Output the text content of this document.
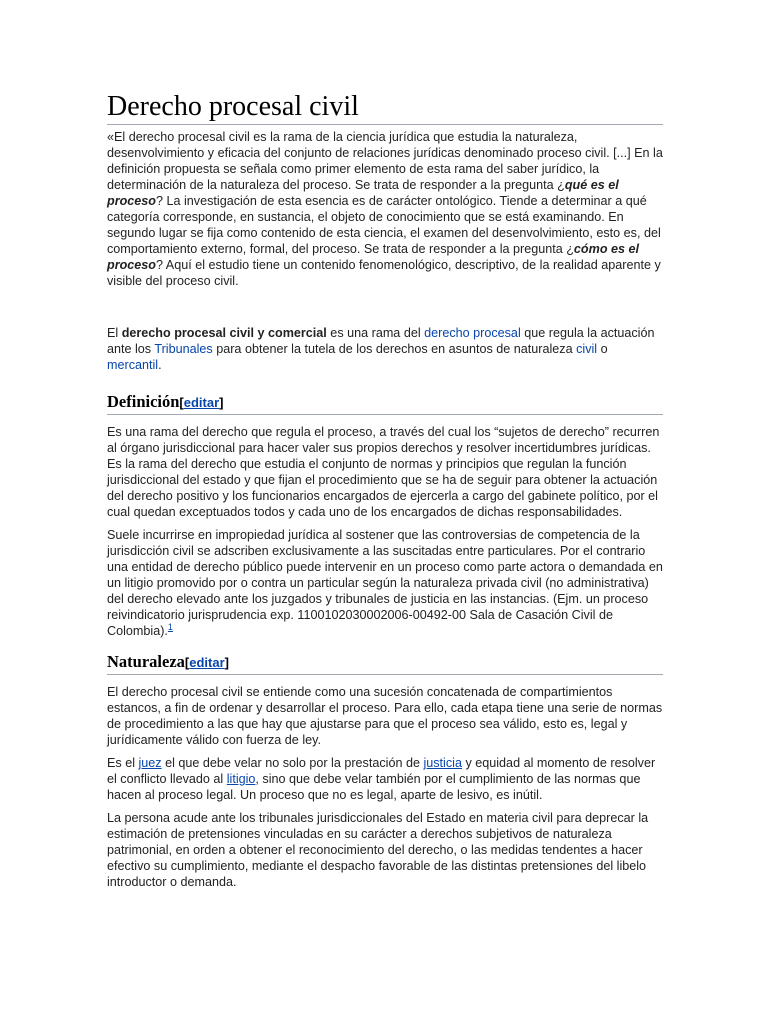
Derecho procesal civil

«El derecho procesal civil es la rama de la ciencia jurídica que estudia la naturaleza, desenvolvimiento y eficacia del conjunto de relaciones jurídicas denominado proceso civil. [...] En la definición propuesta se señala como primer elemento de esta rama del saber jurídico, la determinación de la naturaleza del proceso. Se trata de responder a la pregunta ¿qué es el proceso? La investigación de esta esencia es de carácter ontológico. Tiende a determinar a qué categoría corresponde, en sustancia, el objeto de conocimiento que se está examinando. En segundo lugar se fija como contenido de esta ciencia, el examen del desenvolvimiento, esto es, del comportamiento externo, formal, del proceso. Se trata de responder a la pregunta ¿cómo es el proceso? Aquí el estudio tiene un contenido fenomenológico, descriptivo, de la realidad aparente y visible del proceso civil.

El derecho procesal civil y comercial es una rama del derecho procesal que regula la actuación ante los Tribunales para obtener la tutela de los derechos en asuntos de naturaleza civil o mercantil.

Definición[editar]

Es una rama del derecho que regula el proceso, a través del cual los “sujetos de derecho” recurren al órgano jurisdiccional para hacer valer sus propios derechos y resolver incertidumbres jurídicas. Es la rama del derecho que estudia el conjunto de normas y principios que regulan la función jurisdiccional del estado y que fijan el procedimiento que se ha de seguir para obtener la actuación del derecho positivo y los funcionarios encargados de ejercerla a cargo del gabinete político, por el cual quedan exceptuados todos y cada uno de los encargados de dichas responsabilidades.

Suele incurrirse en impropiedad jurídica al sostener que las controversias de competencia de la jurisdicción civil se adscriben exclusivamente a las suscitadas entre particulares. Por el contrario una entidad de derecho público puede intervenir en un proceso como parte actora o demandada en un litigio promovido por o contra un particular según la naturaleza privada civil (no administrativa) del derecho elevado ante los juzgados y tribunales de justicia en las instancias. (Ejm. un proceso reivindicatorio jurisprudencia exp. 1100102030002006-00492-00 Sala de Casación Civil de Colombia).$^1$

Naturaleza[editar]

El derecho procesal civil se entiende como una sucesión concatenada de compartimientos estancos, a fin de ordenar y desarrollar el proceso. Para ello, cada etapa tiene una serie de normas de procedimiento a las que hay que ajustarse para que el proceso sea válido, esto es, legal y jurídicamente válido con fuerza de ley.

Es el juez el que debe velar no solo por la prestación de justicia y equidad al momento de resolver el conflicto llevado al litigio, sino que debe velar también por el cumplimiento de las normas que hacen al proceso legal. Un proceso que no es legal, aparte de lesivo, es inútil.

La persona acude ante los tribunales jurisdiccionales del Estado en materia civil para deprecar la estimación de pretensiones vinculadas en su carácter a derechos subjetivos de naturaleza patrimonial, en orden a obtener el reconocimiento del derecho, o las medidas tendentes a hacer efectivo su cumplimiento, mediante el despacho favorable de las distintas pretensiones del libelo introductor o demanda.
